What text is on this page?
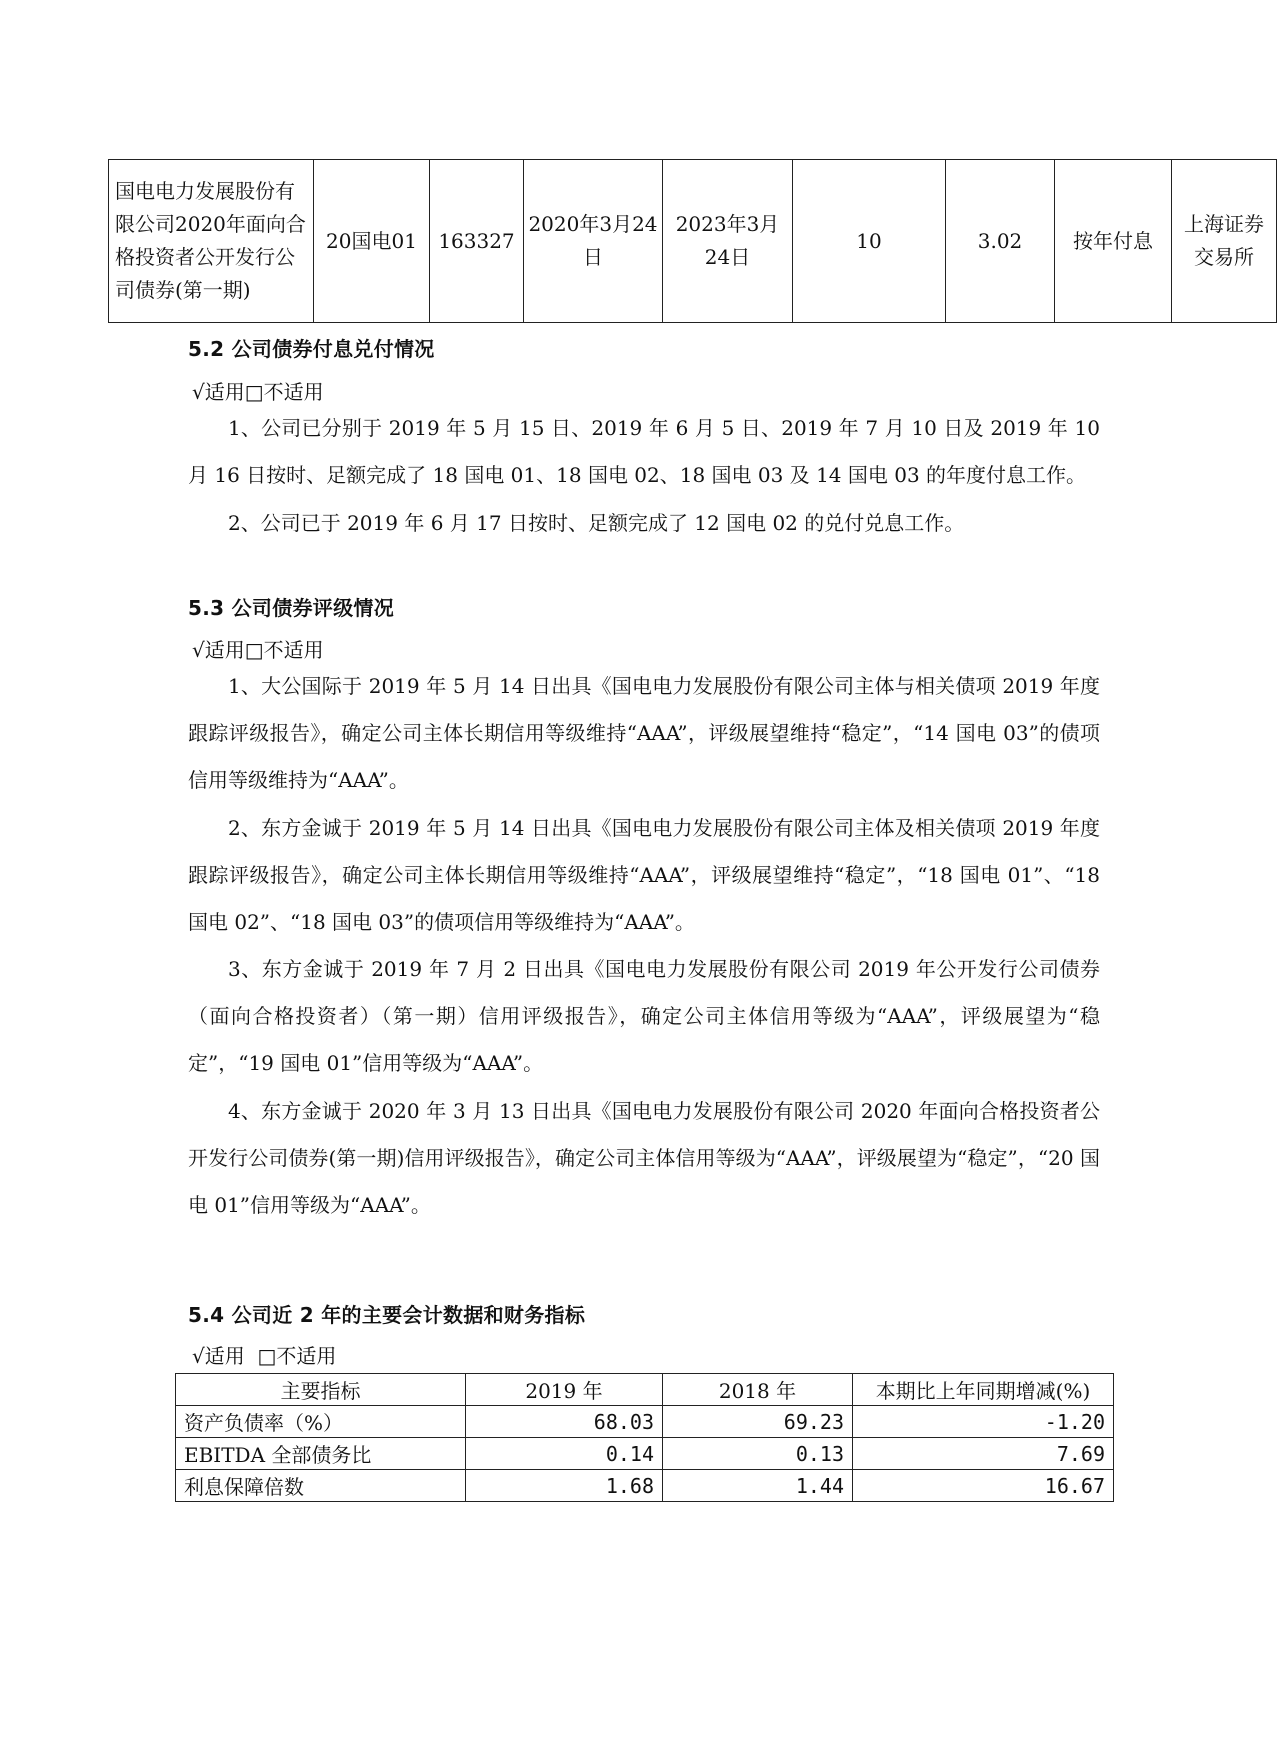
国电电力发展股份有限公司2020年面向合格投资者公开发行公司债券(第一期)	20国电01	163327	2020年3月24日	2023年3月24日	10	3.02	按年付息	上海证券交易所
5.2 公司债券付息兑付情况
√适用□不适用

1、公司已分别于 2019 年 5 月 15 日、2019 年 6 月 5 日、2019 年 7 月 10 日及 2019 年 10 月 16 日按时、足额完成了 18 国电 01、18 国电 02、18 国电 03 及 14 国电 03 的年度付息工作。

2、公司已于 2019 年 6 月 17 日按时、足额完成了 12 国电 02 的兑付兑息工作。

5.3 公司债券评级情况
√适用□不适用

1、大公国际于 2019 年 5 月 14 日出具《国电电力发展股份有限公司主体与相关债项 2019 年度跟踪评级报告》，确定公司主体长期信用等级维持“AAA”，评级展望维持“稳定”，“14 国电 03”的债项信用等级维持为“AAA”。

2、东方金诚于 2019 年 5 月 14 日出具《国电电力发展股份有限公司主体及相关债项 2019 年度跟踪评级报告》，确定公司主体长期信用等级维持“AAA”，评级展望维持“稳定”，“18 国电 01”、“18 国电 02”、“18 国电 03”的债项信用等级维持为“AAA”。

3、东方金诚于 2019 年 7 月 2 日出具《国电电力发展股份有限公司 2019 年公开发行公司债券（面向合格投资者）（第一期）信用评级报告》，确定公司主体信用等级为“AAA”，评级展望为“稳定”，“19 国电 01”信用等级为“AAA”。

4、东方金诚于 2020 年 3 月 13 日出具《国电电力发展股份有限公司 2020 年面向合格投资者公开发行公司债券(第一期)信用评级报告》，确定公司主体信用等级为“AAA”，评级展望为“稳定”，“20 国电 01”信用等级为“AAA”。

5.4 公司近 2 年的主要会计数据和财务指标
√适用  □不适用
主要指标	2019 年	2018 年	本期比上年同期增减(%)
资产负债率（%）	68.03	69.23	-1.20
EBITDA 全部债务比	0.14	0.13	7.69
利息保障倍数	1.68	1.44	16.67
